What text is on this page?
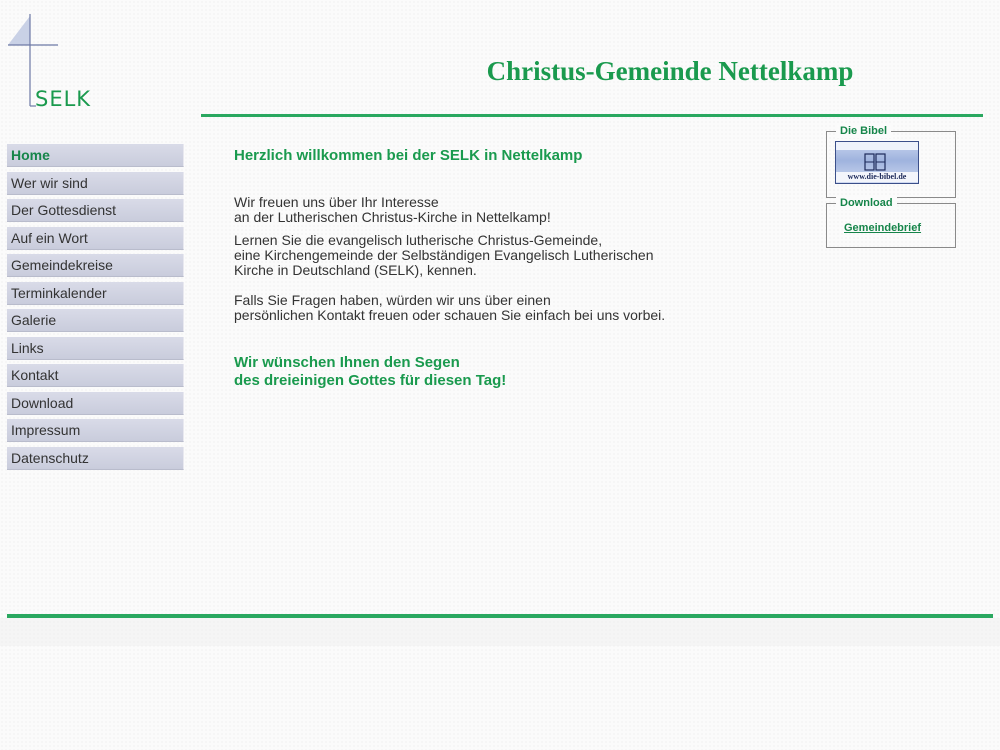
SELK
Christus-Gemeinde Nettelkamp
Home
Wer wir sind
Der Gottesdienst
Auf ein Wort
Gemeindekreise
Terminkalender
Galerie
Links
Kontakt
Download
Impressum
Datenschutz
Herzlich willkommen bei der SELK in Nettelkamp

Wir freuen uns über Ihr Interesse
an der Lutherischen Christus-Kirche in Nettelkamp!

Lernen Sie die evangelisch lutherische Christus-Gemeinde,
eine Kirchengemeinde der Selbständigen Evangelisch Lutherischen
Kirche in Deutschland (SELK), kennen.

Falls Sie Fragen haben, würden wir uns über einen
persönlichen Kontakt freuen oder schauen Sie einfach bei uns vorbei.

Wir wünschen Ihnen den Segen
des dreieinigen Gottes für diesen Tag!

Die Bibel
www.die-bibel.de
Download
Gemeindebrief
